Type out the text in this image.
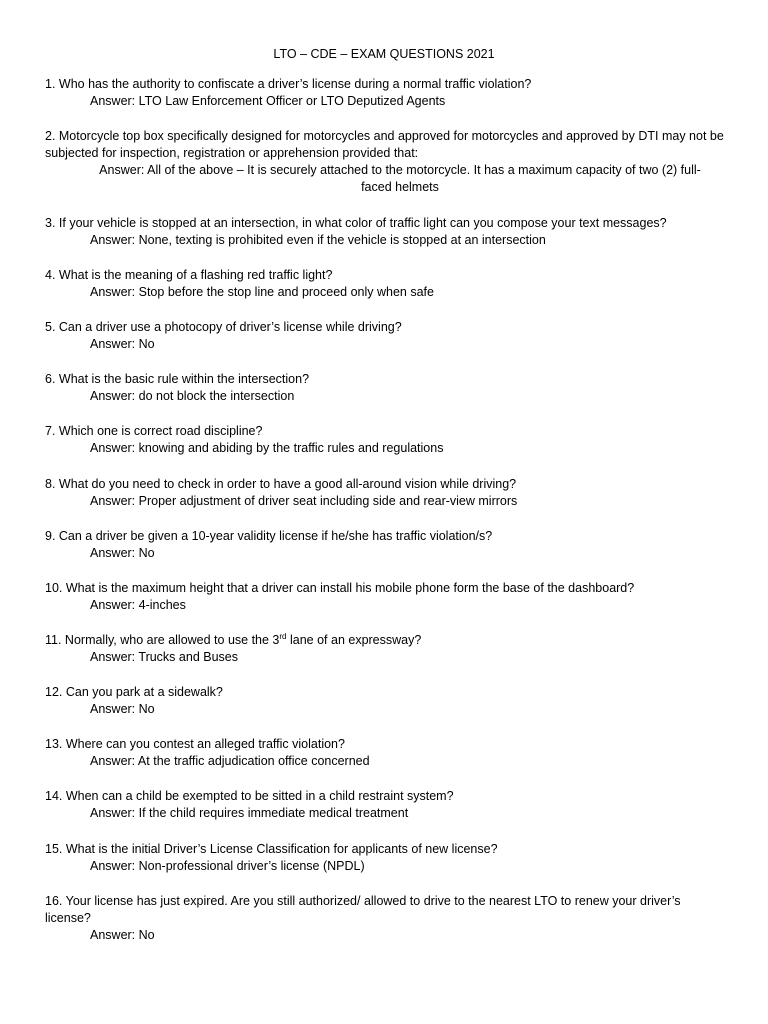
LTO – CDE – EXAM QUESTIONS 2021

1. Who has the authority to confiscate a driver’s license during a normal traffic violation?

Answer: LTO Law Enforcement Officer or LTO Deputized Agents

2. Motorcycle top box specifically designed for motorcycles and approved for motorcycles and approved by DTI may not be subjected for inspection, registration or apprehension provided that:

Answer: All of the above – It is securely attached to the motorcycle. It has a maximum capacity of two (2) full-faced helmets

3. If your vehicle is stopped at an intersection, in what color of traffic light can you compose your text messages?

Answer: None, texting is prohibited even if the vehicle is stopped at an intersection

4. What is the meaning of a flashing red traffic light?

Answer: Stop before the stop line and proceed only when safe

5. Can a driver use a photocopy of driver’s license while driving?

Answer: No

6. What is the basic rule within the intersection?

Answer: do not block the intersection

7. Which one is correct road discipline?

Answer: knowing and abiding by the traffic rules and regulations

8. What do you need to check in order to have a good all-around vision while driving?

Answer: Proper adjustment of driver seat including side and rear-view mirrors

9. Can a driver be given a 10-year validity license if he/she has traffic violation/s?

Answer: No

10. What is the maximum height that a driver can install his mobile phone form the base of the dashboard?

Answer: 4-inches

11. Normally, who are allowed to use the 3rd lane of an expressway?

Answer: Trucks and Buses

12. Can you park at a sidewalk?

Answer: No

13. Where can you contest an alleged traffic violation?

Answer: At the traffic adjudication office concerned

14. When can a child be exempted to be sitted in a child restraint system?

Answer: If the child requires immediate medical treatment

15. What is the initial Driver’s License Classification for applicants of new license?

Answer: Non-professional driver’s license (NPDL)

16. Your license has just expired. Are you still authorized/ allowed to drive to the nearest LTO to renew your driver’s license?

Answer: No
